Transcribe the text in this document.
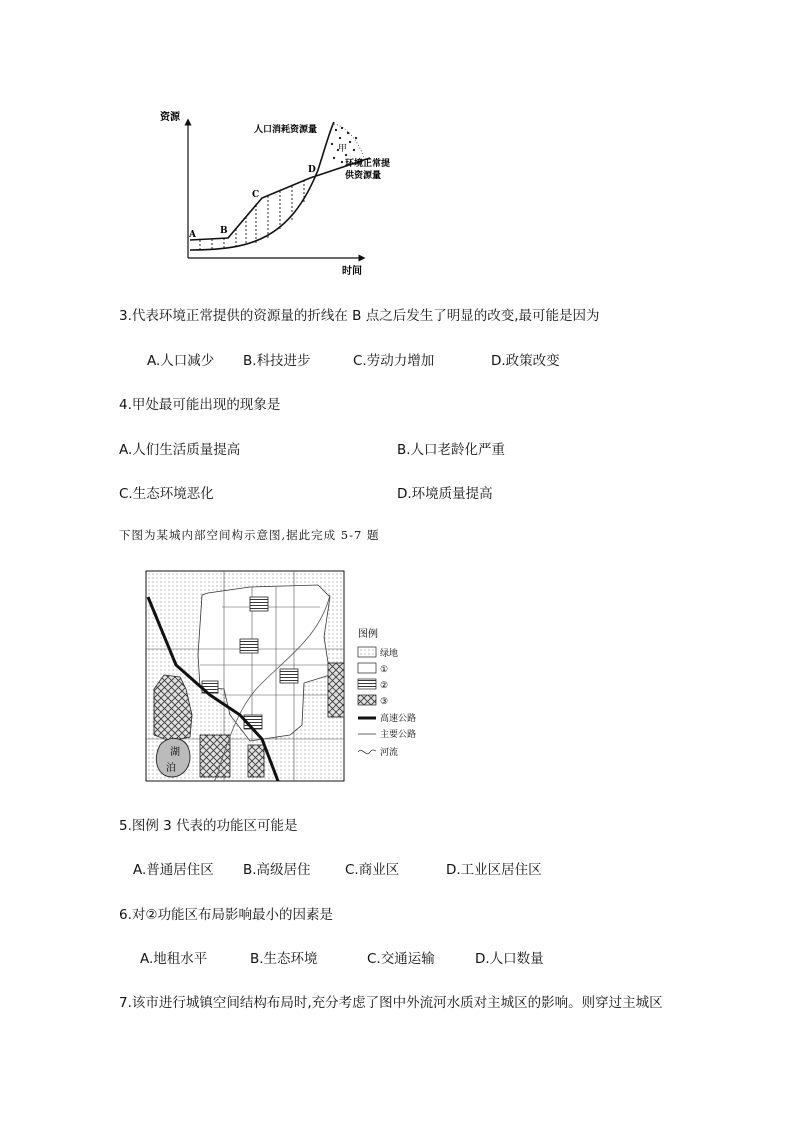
资源
时间
甲
A	B
C
D
人口消耗资源量
环境正常提
供资源量
3.代表环境正常提供的资源量的折线在 B 点之后发生了明显的改变,最可能是因为
A.人口减少 B.科技进步	C.劳动力增加	D.政策改变
4.甲处最可能出现的现象是
A.人们生活质量提高	B.人口老龄化严重
C.生态环境恶化	D.环境质量提高
下图为某城内部空间构示意图,据此完成 5-7 题
湖
泊
图例
绿地
①
②
③
高速公路
主要公路
河流
5.图例 3 代表的功能区可能是
A.普通居住区 B.高级居住	C.商业区	D.工业区居住区
6.对②功能区布局影响最小的因素是
A.地租水平	B.生态环境	C.交通运输	D.人口数量
7.该市进行城镇空间结构布局时,充分考虑了图中外流河水质对主城区的影响。则穿过主城区
